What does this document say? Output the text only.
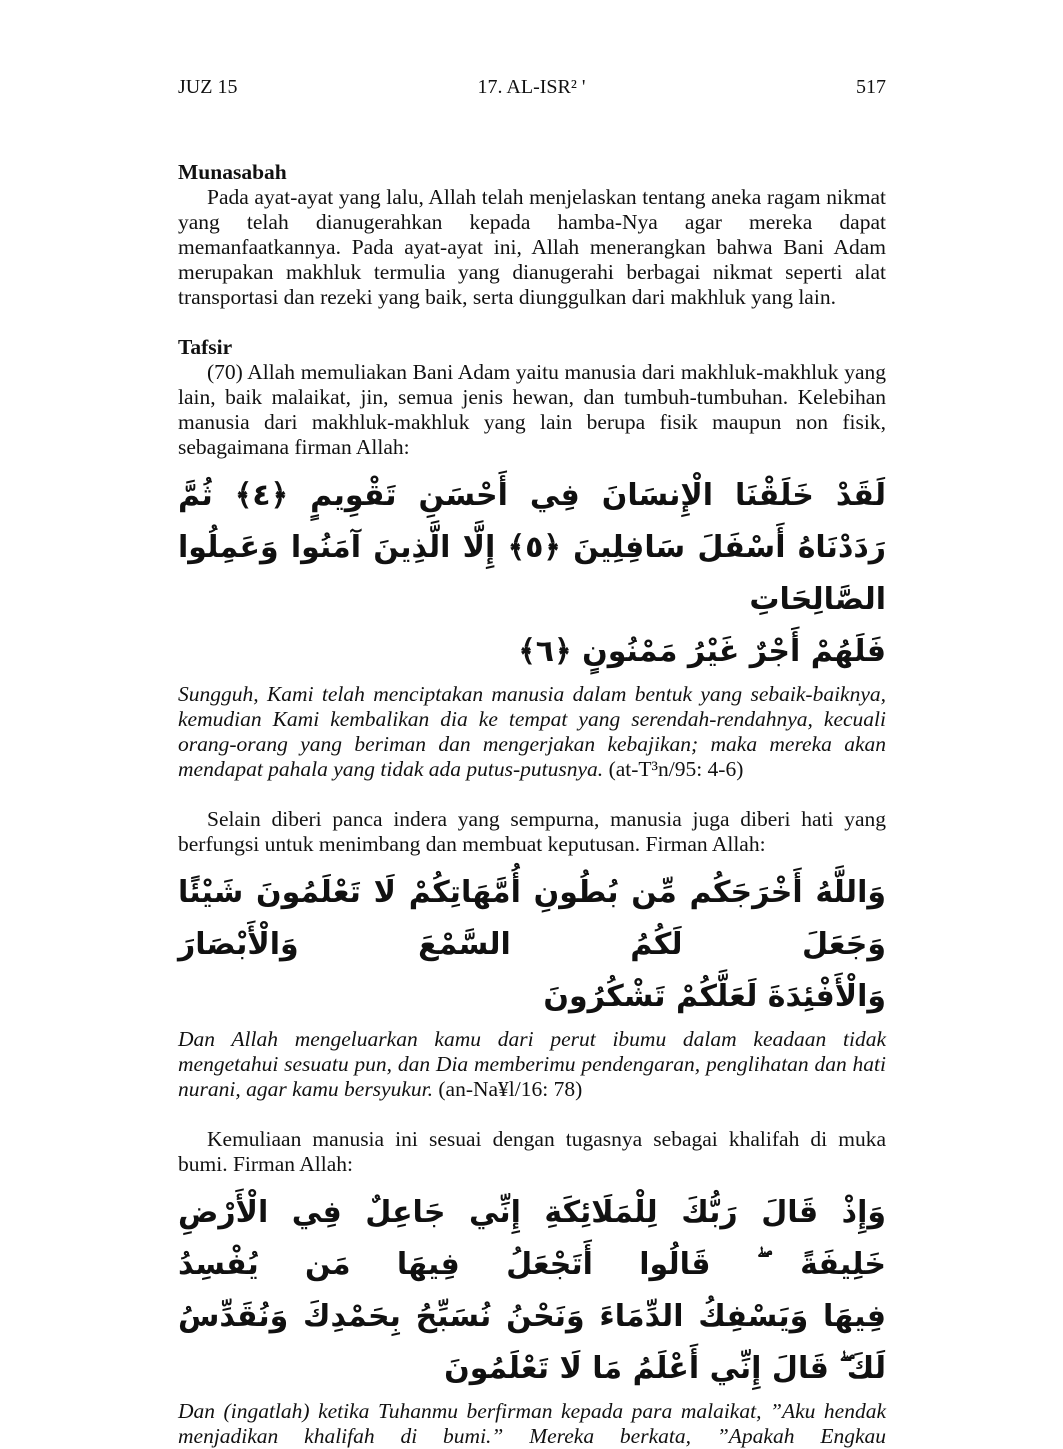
JUZ 15	17. AL-ISR² '	517
Munasabah

Pada ayat-ayat yang lalu, Allah telah menjelaskan tentang aneka ragam nikmat yang telah dianugerahkan kepada hamba-Nya agar mereka dapat memanfaatkannya. Pada ayat-ayat ini, Allah menerangkan bahwa Bani Adam merupakan makhluk termulia yang dianugerahi berbagai nikmat seperti alat transportasi dan rezeki yang baik, serta diunggulkan dari makhluk yang lain.

Tafsir

(70) Allah memuliakan Bani Adam yaitu manusia dari makhluk-makhluk yang lain, baik malaikat, jin, semua jenis hewan, dan tumbuh-tumbuhan. Kelebihan manusia dari makhluk-makhluk yang lain berupa fisik maupun non fisik, sebagaimana firman Allah:

لَقَدْ خَلَقْنَا الْإِنسَانَ فِي أَحْسَنِ تَقْوِيمٍ ﴿٤﴾ ثُمَّ رَدَدْنَاهُ أَسْفَلَ سَافِلِينَ ﴿٥﴾ إِلَّا الَّذِينَ آمَنُوا وَعَمِلُوا الصَّالِحَاتِ
فَلَهُمْ أَجْرٌ غَيْرُ مَمْنُونٍ ﴿٦﴾

Sungguh, Kami telah menciptakan manusia dalam bentuk yang sebaik-baiknya, kemudian Kami kembalikan dia ke tempat yang serendah-rendahnya, kecuali orang-orang yang beriman dan mengerjakan kebajikan; maka mereka akan mendapat pahala yang tidak ada putus-putusnya. (at-T³n/95: 4-6)

Selain diberi panca indera yang sempurna, manusia juga diberi hati yang berfungsi untuk menimbang dan membuat keputusan. Firman Allah:

وَاللَّهُ أَخْرَجَكُم مِّن بُطُونِ أُمَّهَاتِكُمْ لَا تَعْلَمُونَ شَيْئًا وَجَعَلَ لَكُمُ السَّمْعَ وَالْأَبْصَارَ
وَالْأَفْئِدَةَ لَعَلَّكُمْ تَشْكُرُونَ

Dan Allah mengeluarkan kamu dari perut ibumu dalam keadaan tidak mengetahui sesuatu pun, dan Dia memberimu pendengaran, penglihatan dan hati nurani, agar kamu bersyukur. (an-Na¥l/16: 78)

Kemuliaan manusia ini sesuai dengan tugasnya sebagai khalifah di muka bumi. Firman Allah:

وَإِذْ قَالَ رَبُّكَ لِلْمَلَائِكَةِ إِنِّي جَاعِلٌ فِي الْأَرْضِ خَلِيفَةً ۖ قَالُوا أَتَجْعَلُ فِيهَا مَن يُفْسِدُ
فِيهَا وَيَسْفِكُ الدِّمَاءَ وَنَحْنُ نُسَبِّحُ بِحَمْدِكَ وَنُقَدِّسُ لَكَ ۖ قَالَ إِنِّي أَعْلَمُ مَا لَا تَعْلَمُونَ

Dan (ingatlah) ketika Tuhanmu berfirman kepada para malaikat, ”Aku hendak menjadikan khalifah di bumi.” Mereka berkata, ”Apakah Engkau
